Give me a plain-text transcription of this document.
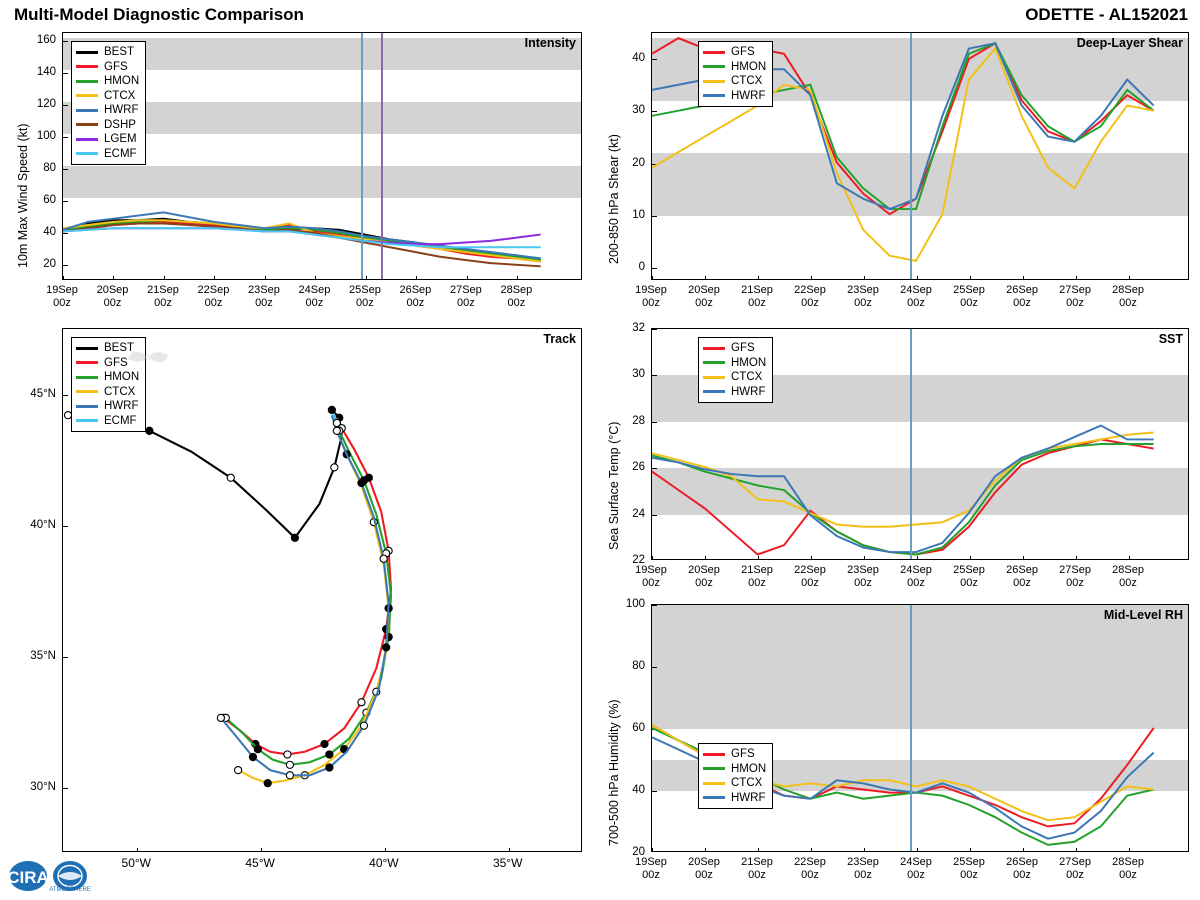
Multi-Model Diagnostic Comparison	ODETTE - AL152021
Intensity
BEST
GFS
HMON
CTCX
HWRF
DSHP
LGEM
ECMF
Deep-Layer Shear
GFS
HMON
CTCX
HWRF
Track
BEST
GFS
HMON
CTCX
HWRF
ECMF
SST
GFS
HMON
CTCX
HWRF
Mid-Level RH
GFS
HMON
CTCX
HWRF
10m Max Wind Speed (kt)	200-850 hPa Shear (kt)
Sea Surface Temp (°C)
700-500 hPa Humidity (%)
CIRA
ATMOSPHERE
20
40
60
80
100
120
140
160
19Sep
00z
20Sep
00z
21Sep
00z
22Sep
00z
23Sep
00z
24Sep
00z
25Sep
00z
26Sep
00z
27Sep
00z
28Sep
00z
0
10
20
30
40
19Sep
00z
20Sep
00z
21Sep
00z
22Sep
00z
23Sep
00z
24Sep
00z
25Sep
00z
26Sep
00z
27Sep
00z
28Sep
00z
22
24
26
28
30
32
19Sep
00z
20Sep
00z
21Sep
00z
22Sep
00z
23Sep
00z
24Sep
00z
25Sep
00z
26Sep
00z
27Sep
00z
28Sep
00z
20
40
60
80
100
19Sep
00z
20Sep
00z
21Sep
00z
22Sep
00z
23Sep
00z
24Sep
00z
25Sep
00z
26Sep
00z
27Sep
00z
28Sep
00z
30°N
35°N
40°N
45°N
50°W	45°W	40°W	35°W
